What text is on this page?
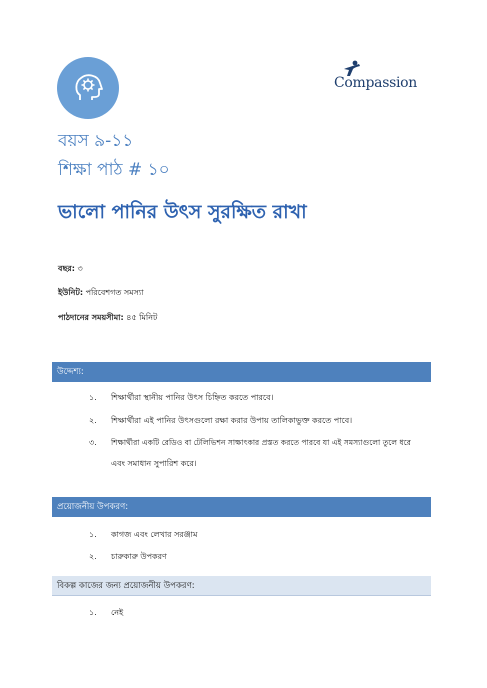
Compassion
বয়স ৯-১১
শিক্ষা পাঠ # ১০
ভালো পানির উৎস সুরক্ষিত রাখা
বছর: ৩
ইউনিট: পরিবেশগত সমস্যা
পাঠদানের সময়সীমা: ৪৫ মিনিট
উদ্দেশ্য:
১. শিক্ষার্থীরা স্থানীয় পানির উৎস চিহ্নিত করতে পারবে।
২. শিক্ষার্থীরা এই পানির উৎসগুলো রক্ষা করার উপায় তালিকাভুক্ত করতে পাবে।
৩. শিক্ষার্থীরা একটি রেডিও বা টেলিভিশন সাক্ষাৎকার প্রস্তত করতে পারবে যা এই সমস্যাগুলো তুলে ধরে
এবং সমাধান সুপারিশ করে।
প্রয়োজনীয় উপকরণ:
১. কাগজ এবং লেখার সরঞ্জাম
২. চারুকারু উপকরণ
বিকল্প কাজের জন্য প্রয়োজনীয় উপকরণ:
১. নেই
